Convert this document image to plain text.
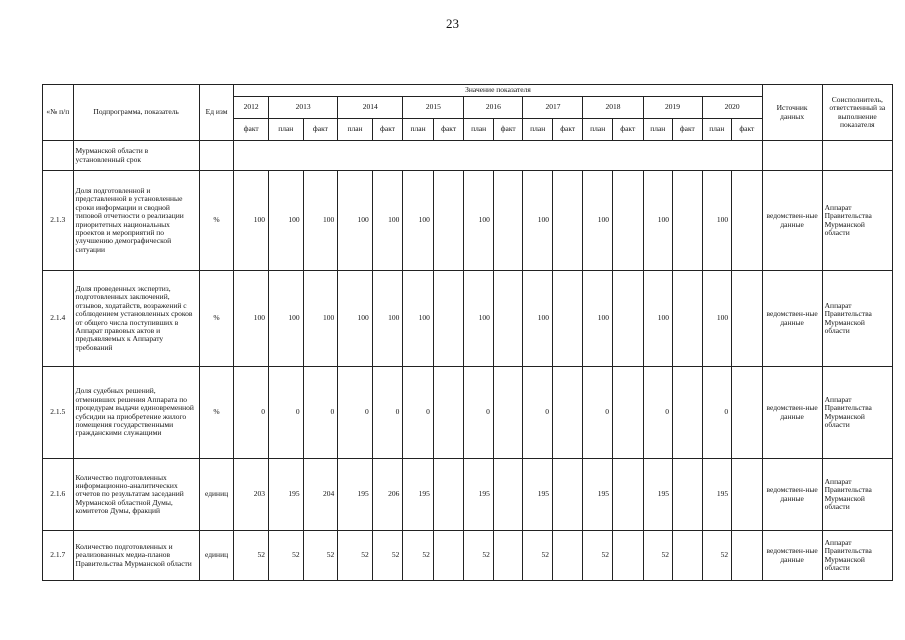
23
«№ п/п	Подпрограмма, показатель	Ед изм	Значение показателя																	Источник данных	Соисполнитель, ответственный за выполнение показателя
			2012	2013		2014		2015		2016		2017		2018		2019		2020			
			факт	план	факт	план	факт	план	факт	план	факт	план	факт	план	факт	план	факт	план	факт		
	Мурманской области в установленный срок																				
2.1.3	Доля подготовленной и представленной в установленные сроки информации и сводной типовой отчетности о реализации приоритетных национальных проектов и мероприятий по улучшению демографической ситуации	%	100	100	100	100	100	100		100		100		100		100		100		ведомствен-ные данные	Аппарат Правительства Мурманской области
2.1.4	Доля проведенных экспертиз, подготовленных заключений, отзывов, ходатайств, возражений с соблюдением установленных сроков от общего числа поступивших в Аппарат правовых актов и предъявляемых к Аппарату требований	%	100	100	100	100	100	100		100		100		100		100		100		ведомствен-ные данные	Аппарат Правительства Мурманской области
2.1.5	Доля судебных решений, отменивших решения Аппарата по процедурам выдачи единовременной субсидии на приобретение жилого помещения государственными гражданскими служащими	%	0	0	0	0	0	0		0		0		0		0		0		ведомствен-ные данные	Аппарат Правительства Мурманской области
2.1.6	Количество подготовленных информационно-аналитических отчетов по результатам заседаний Мурманской областной Думы, комитетов Думы, фракций	единиц	203	195	204	195	206	195		195		195		195		195		195		ведомствен-ные данные	Аппарат Правительства Мурманской области
2.1.7	Количество подготовленных и реализованных медиа-планов Правительства Мурманской области	единиц	52	52	52	52	52	52		52		52		52		52		52		ведомствен-ные данные	Аппарат Правительства Мурманской области
